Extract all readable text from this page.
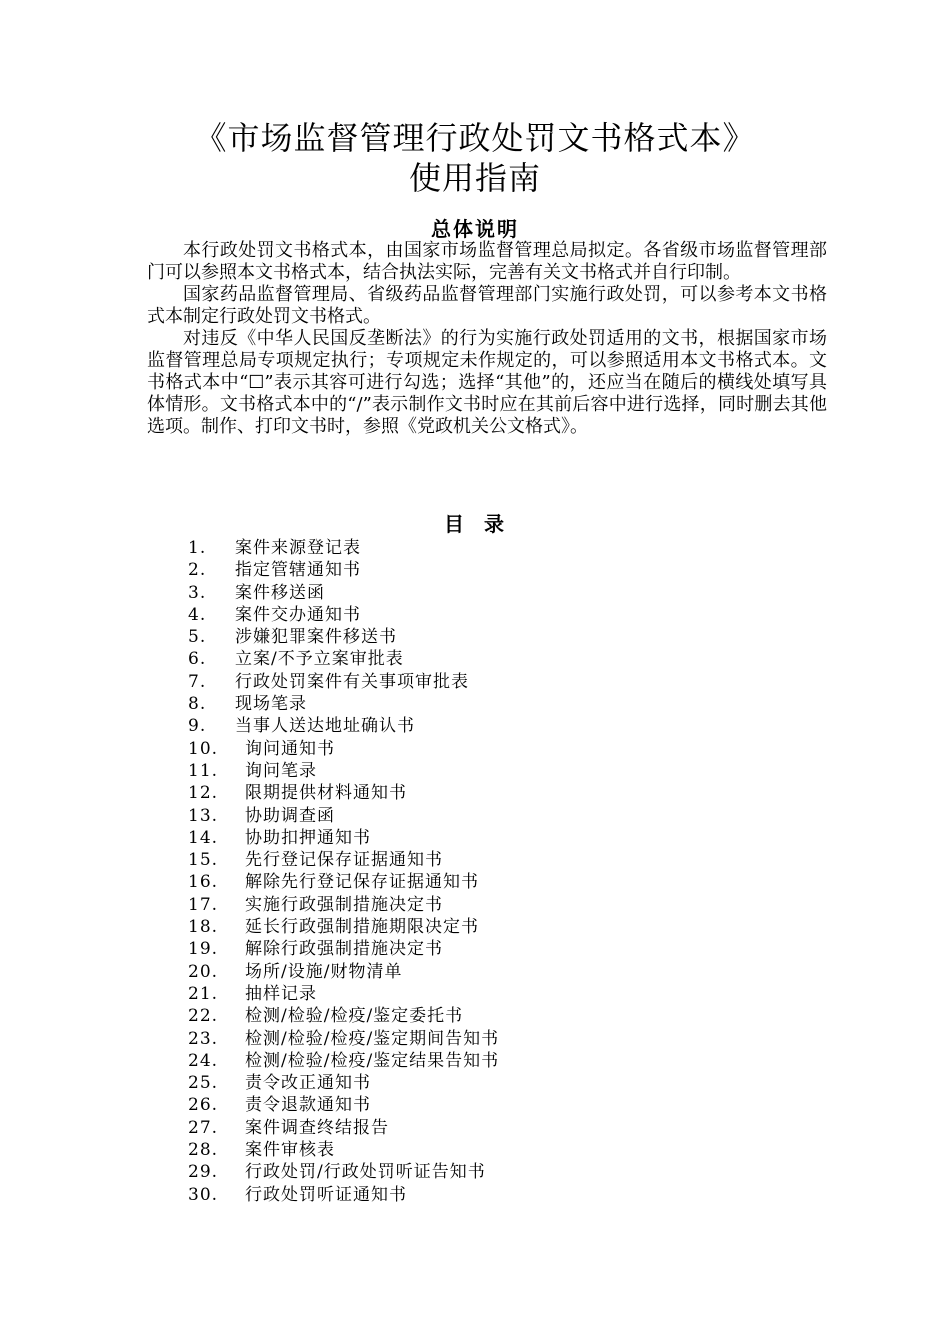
《市场监督管理行政处罚文书格式本》
使用指南
总体说明

本行政处罚文书格式本，由国家市场监督管理总局拟定。各省级市场监督管理部门可以参照本文书格式本，结合执法实际，完善有关文书格式并自行印制。

国家药品监督管理局、省级药品监督管理部门实施行政处罚，可以参考本文书格式本制定行政处罚文书格式。

对违反《中华人民国反垄断法》的行为实施行政处罚适用的文书，根据国家市场监督管理总局专项规定执行；专项规定未作规定的，可以参照适用本文书格式本。文书格式本中“☐”表示其容可进行勾选；选择“其他”的，还应当在随后的横线处填写具体情形。文书格式本中的“/”表示制作文书时应在其前后容中进行选择，同时删去其他选项。制作、打印文书时，参照《党政机关公文格式》。

目  录
1. 案件来源登记表
2. 指定管辖通知书
3. 案件移送函
4. 案件交办通知书
5. 涉嫌犯罪案件移送书
6. 立案/不予立案审批表
7. 行政处罚案件有关事项审批表
8. 现场笔录
9. 当事人送达地址确认书
10. 询问通知书
11. 询问笔录
12. 限期提供材料通知书
13. 协助调查函
14. 协助扣押通知书
15. 先行登记保存证据通知书
16. 解除先行登记保存证据通知书
17. 实施行政强制措施决定书
18. 延长行政强制措施期限决定书
19. 解除行政强制措施决定书
20. 场所/设施/财物清单
21. 抽样记录
22. 检测/检验/检疫/鉴定委托书
23. 检测/检验/检疫/鉴定期间告知书
24. 检测/检验/检疫/鉴定结果告知书
25. 责令改正通知书
26. 责令退款通知书
27. 案件调查终结报告
28. 案件审核表
29. 行政处罚/行政处罚听证告知书
30. 行政处罚听证通知书
